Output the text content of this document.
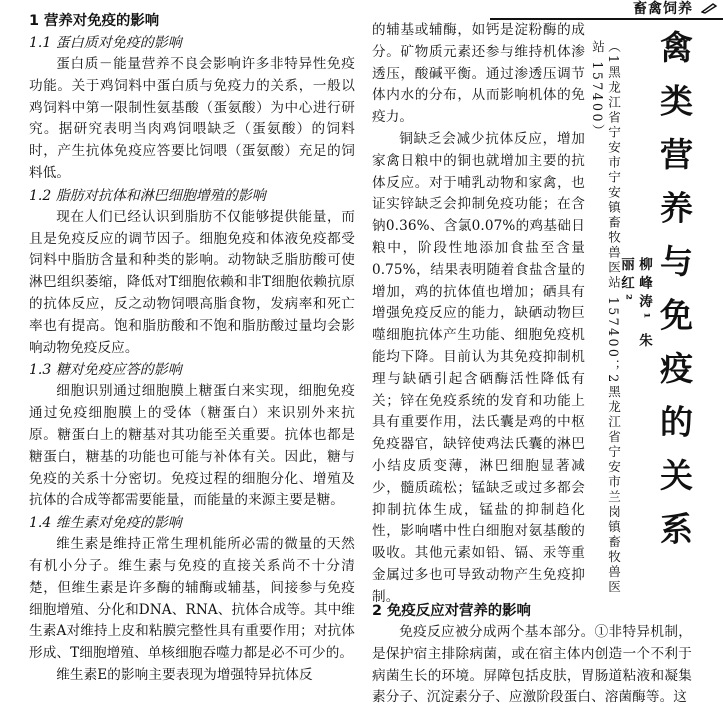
畜禽饲养

1 营养对免疫的影响

1.1 蛋白质对免疫的影响

蛋白质－能量营养不良会影响许多非特异性免疫功能。关于鸡饲料中蛋白质与免疫力的关系，一般以鸡饲料中第一限制性氨基酸（蛋氨酸）为中心进行研究。据研究表明当肉鸡饲喂缺乏（蛋氨酸）的饲料时，产生抗体免疫应答要比饲喂（蛋氨酸）充足的饲料低。

1.2 脂肪对抗体和淋巴细胞增殖的影响

现在人们已经认识到脂肪不仅能够提供能量，而且是免疫反应的调节因子。细胞免疫和体液免疫都受饲料中脂肪含量和种类的影响。动物缺乏脂肪酸可使淋巴组织萎缩，降低对T细胞依赖和非T细胞依赖抗原的抗体反应，反之动物饲喂高脂食物，发病率和死亡率也有提高。饱和脂肪酸和不饱和脂肪酸过量均会影响动物免疫反应。

1.3 糖对免疫应答的影响

细胞识别通过细胞膜上糖蛋白来实现，细胞免疫通过免疫细胞膜上的受体（糖蛋白）来识别外来抗原。糖蛋白上的糖基对其功能至关重要。抗体也都是糖蛋白，糖基的功能也可能与补体有关。因此，糖与免疫的关系十分密切。免疫过程的细胞分化、增殖及抗体的合成等都需要能量，而能量的来源主要是糖。

1.4 维生素对免疫的影响

维生素是维持正常生理机能所必需的微量的天然有机小分子。维生素与免疫的直接关系尚不十分清楚，但维生素是许多酶的辅酶或辅基，间接参与免疫细胞增殖、分化和DNA、RNA、抗体合成等。其中维生素A对维持上皮和粘膜完整性具有重要作用；对抗体形成、T细胞增殖、单核细胞吞噬力都是必不可少的。

维生素E的影响主要表现为增强特异抗体反

的辅基或辅酶，如钙是淀粉酶的成分。矿物质元素还参与维持机体渗透压，酸碱平衡。通过渗透压调节体内水的分布，从而影响机体的免疫力。

铜缺乏会减少抗体反应，增加家禽日粮中的铜也就增加主要的抗体反应。对于哺乳动物和家禽，也证实锌缺乏会抑制免疫功能；在含钠0.36%、含氯0.07%的鸡基础日粮中，阶段性地添加食盐至含量0.75%，结果表明随着食盐含量的增加，鸡的抗体值也增加；硒具有增强免疫反应的能力，缺硒动物巨噬细胞抗体产生功能、细胞免疫机能均下降。目前认为其免疫抑制机理与缺硒引起含硒酶活性降低有关；锌在免疫系统的发育和功能上具有重要作用，法氏囊是鸡的中枢免疫器官，缺锌使鸡法氏囊的淋巴小结皮质变薄，淋巴细胞显著减少，髓质疏松；锰缺乏或过多都会抑制抗体生成，锰盐的抑制趋化性，影响嗜中性白细胞对氨基酸的吸收。其他元素如铅、镉、汞等重金属过多也可导致动物产生免疫抑制。

2 免疫反应对营养的影响

免疫反应被分成两个基本部分。①非特异机制，是保护宿主排除病菌，或在宿主体内创造一个不利于病菌生长的环境。屏障包括皮肤，胃肠道粘液和凝集素分子、沉淀素分子、应激阶段蛋白、溶菌酶等。这

（1黑龙江省宁安市宁安镇畜牧兽医站 157400；2黑龙江省宁安市兰岗镇畜牧兽医站 157400）
柳峰涛¹ 朱丽红² 禽类营养与免疫的关系
